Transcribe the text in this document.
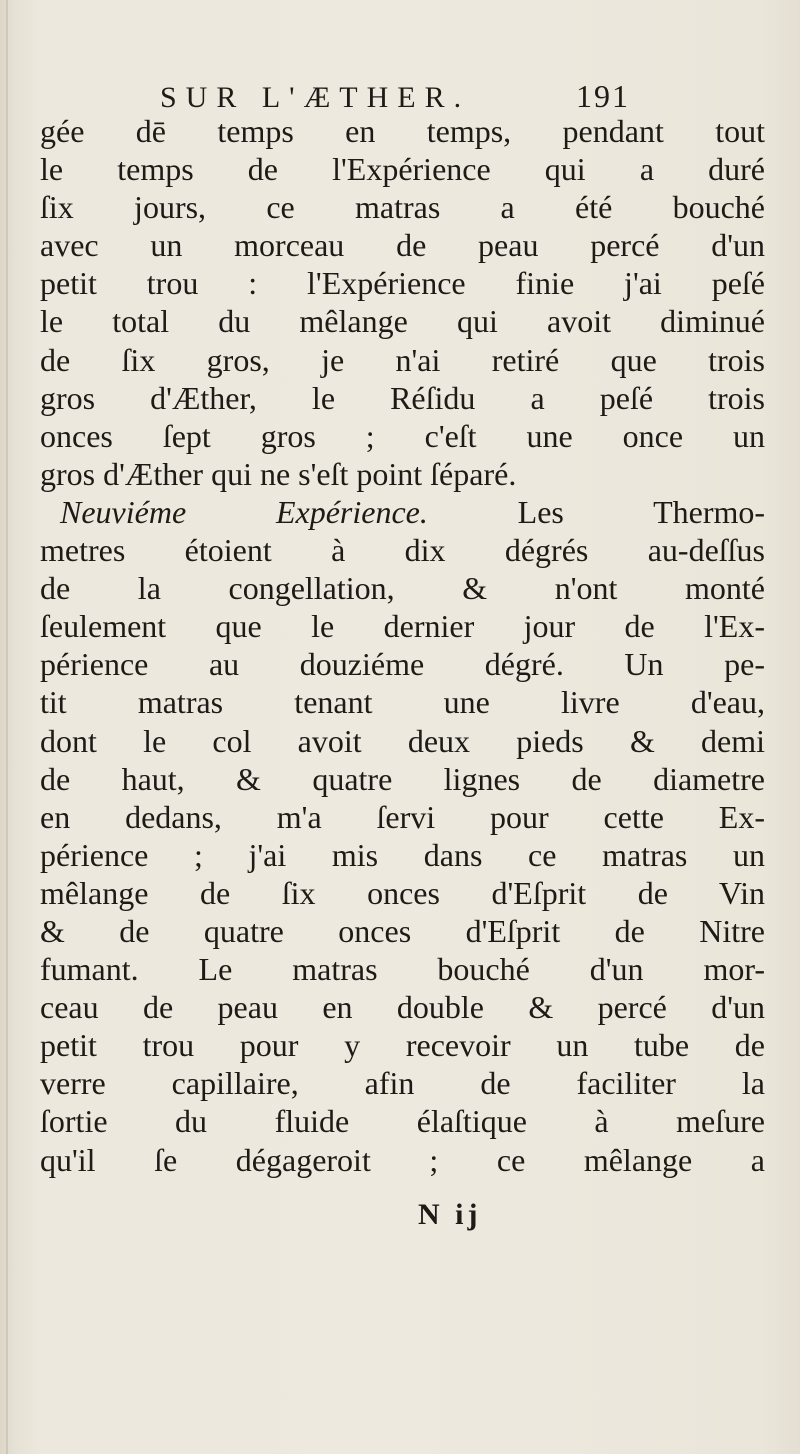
SUR L'ÆTHER.	191
gée dē temps en temps, pendant tout
le temps de l'Expérience qui a duré
ſix jours, ce matras a été bouché
avec un morceau de peau percé d'un
petit trou : l'Expérience finie j'ai peſé
le total du mêlange qui avoit diminué
de ſix gros, je n'ai retiré que trois
gros d'Æther, le Réſidu a peſé trois
onces ſept gros ; c'eſt une once un
gros d'Æther qui ne s'eſt point ſéparé.
Neuviéme Expérience.	Les Thermo-
metres étoient à dix dégrés au-deſſus
de la congellation, & n'ont monté
ſeulement que le dernier jour de l'Ex-
périence au douziéme dégré. Un pe-
tit matras tenant une livre d'eau,
dont le col avoit deux pieds & demi
de haut, & quatre lignes de diametre
en dedans, m'a ſervi pour cette Ex-
périence ; j'ai mis dans ce matras un
mêlange de ſix onces d'Eſprit de Vin
& de quatre onces d'Eſprit de Nitre
fumant. Le matras bouché d'un mor-
ceau de peau en double & percé d'un
petit trou pour y recevoir un tube de
verre capillaire, afin de faciliter la
ſortie du fluide élaſtique à meſure
qu'il ſe dégageroit ; ce mêlange a
N ij
